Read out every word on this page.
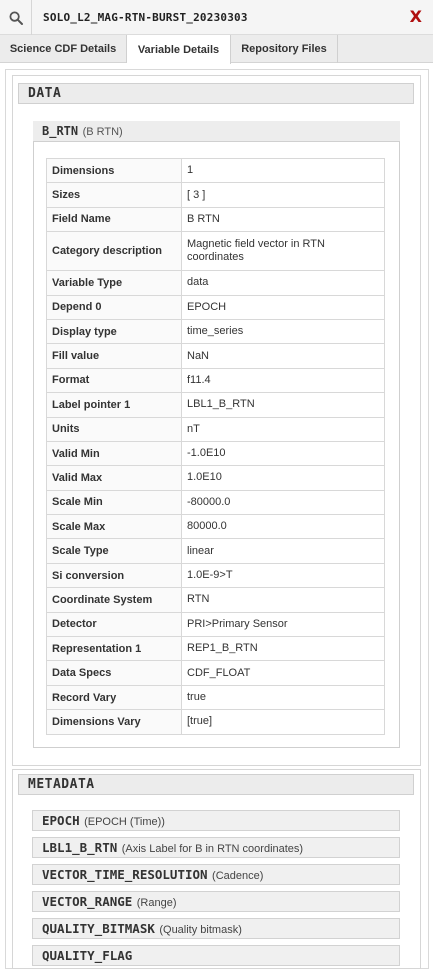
SOLO_L2_MAG-RTN-BURST_20230303	X
Science CDF Details	Variable Details	Repository Files
DATA
B_RTN (B RTN)
Dimensions	1
Sizes	[ 3 ]
Field Name	B RTN
Category description	Magnetic field vector in RTN coordinates
Variable Type	data
Depend 0	EPOCH
Display type	time_series
Fill value	NaN
Format	f11.4
Label pointer 1	LBL1_B_RTN
Units	nT
Valid Min	-1.0E10
Valid Max	1.0E10
Scale Min	-80000.0
Scale Max	80000.0
Scale Type	linear
Si conversion	1.0E-9>T
Coordinate System	RTN
Detector	PRI>Primary Sensor
Representation 1	REP1_B_RTN
Data Specs	CDF_FLOAT
Record Vary	true
Dimensions Vary	[true]
METADATA
EPOCH (EPOCH (Time))
LBL1_B_RTN (Axis Label for B in RTN coordinates)
VECTOR_TIME_RESOLUTION (Cadence)
VECTOR_RANGE (Range)
QUALITY_BITMASK (Quality bitmask)
QUALITY_FLAG
